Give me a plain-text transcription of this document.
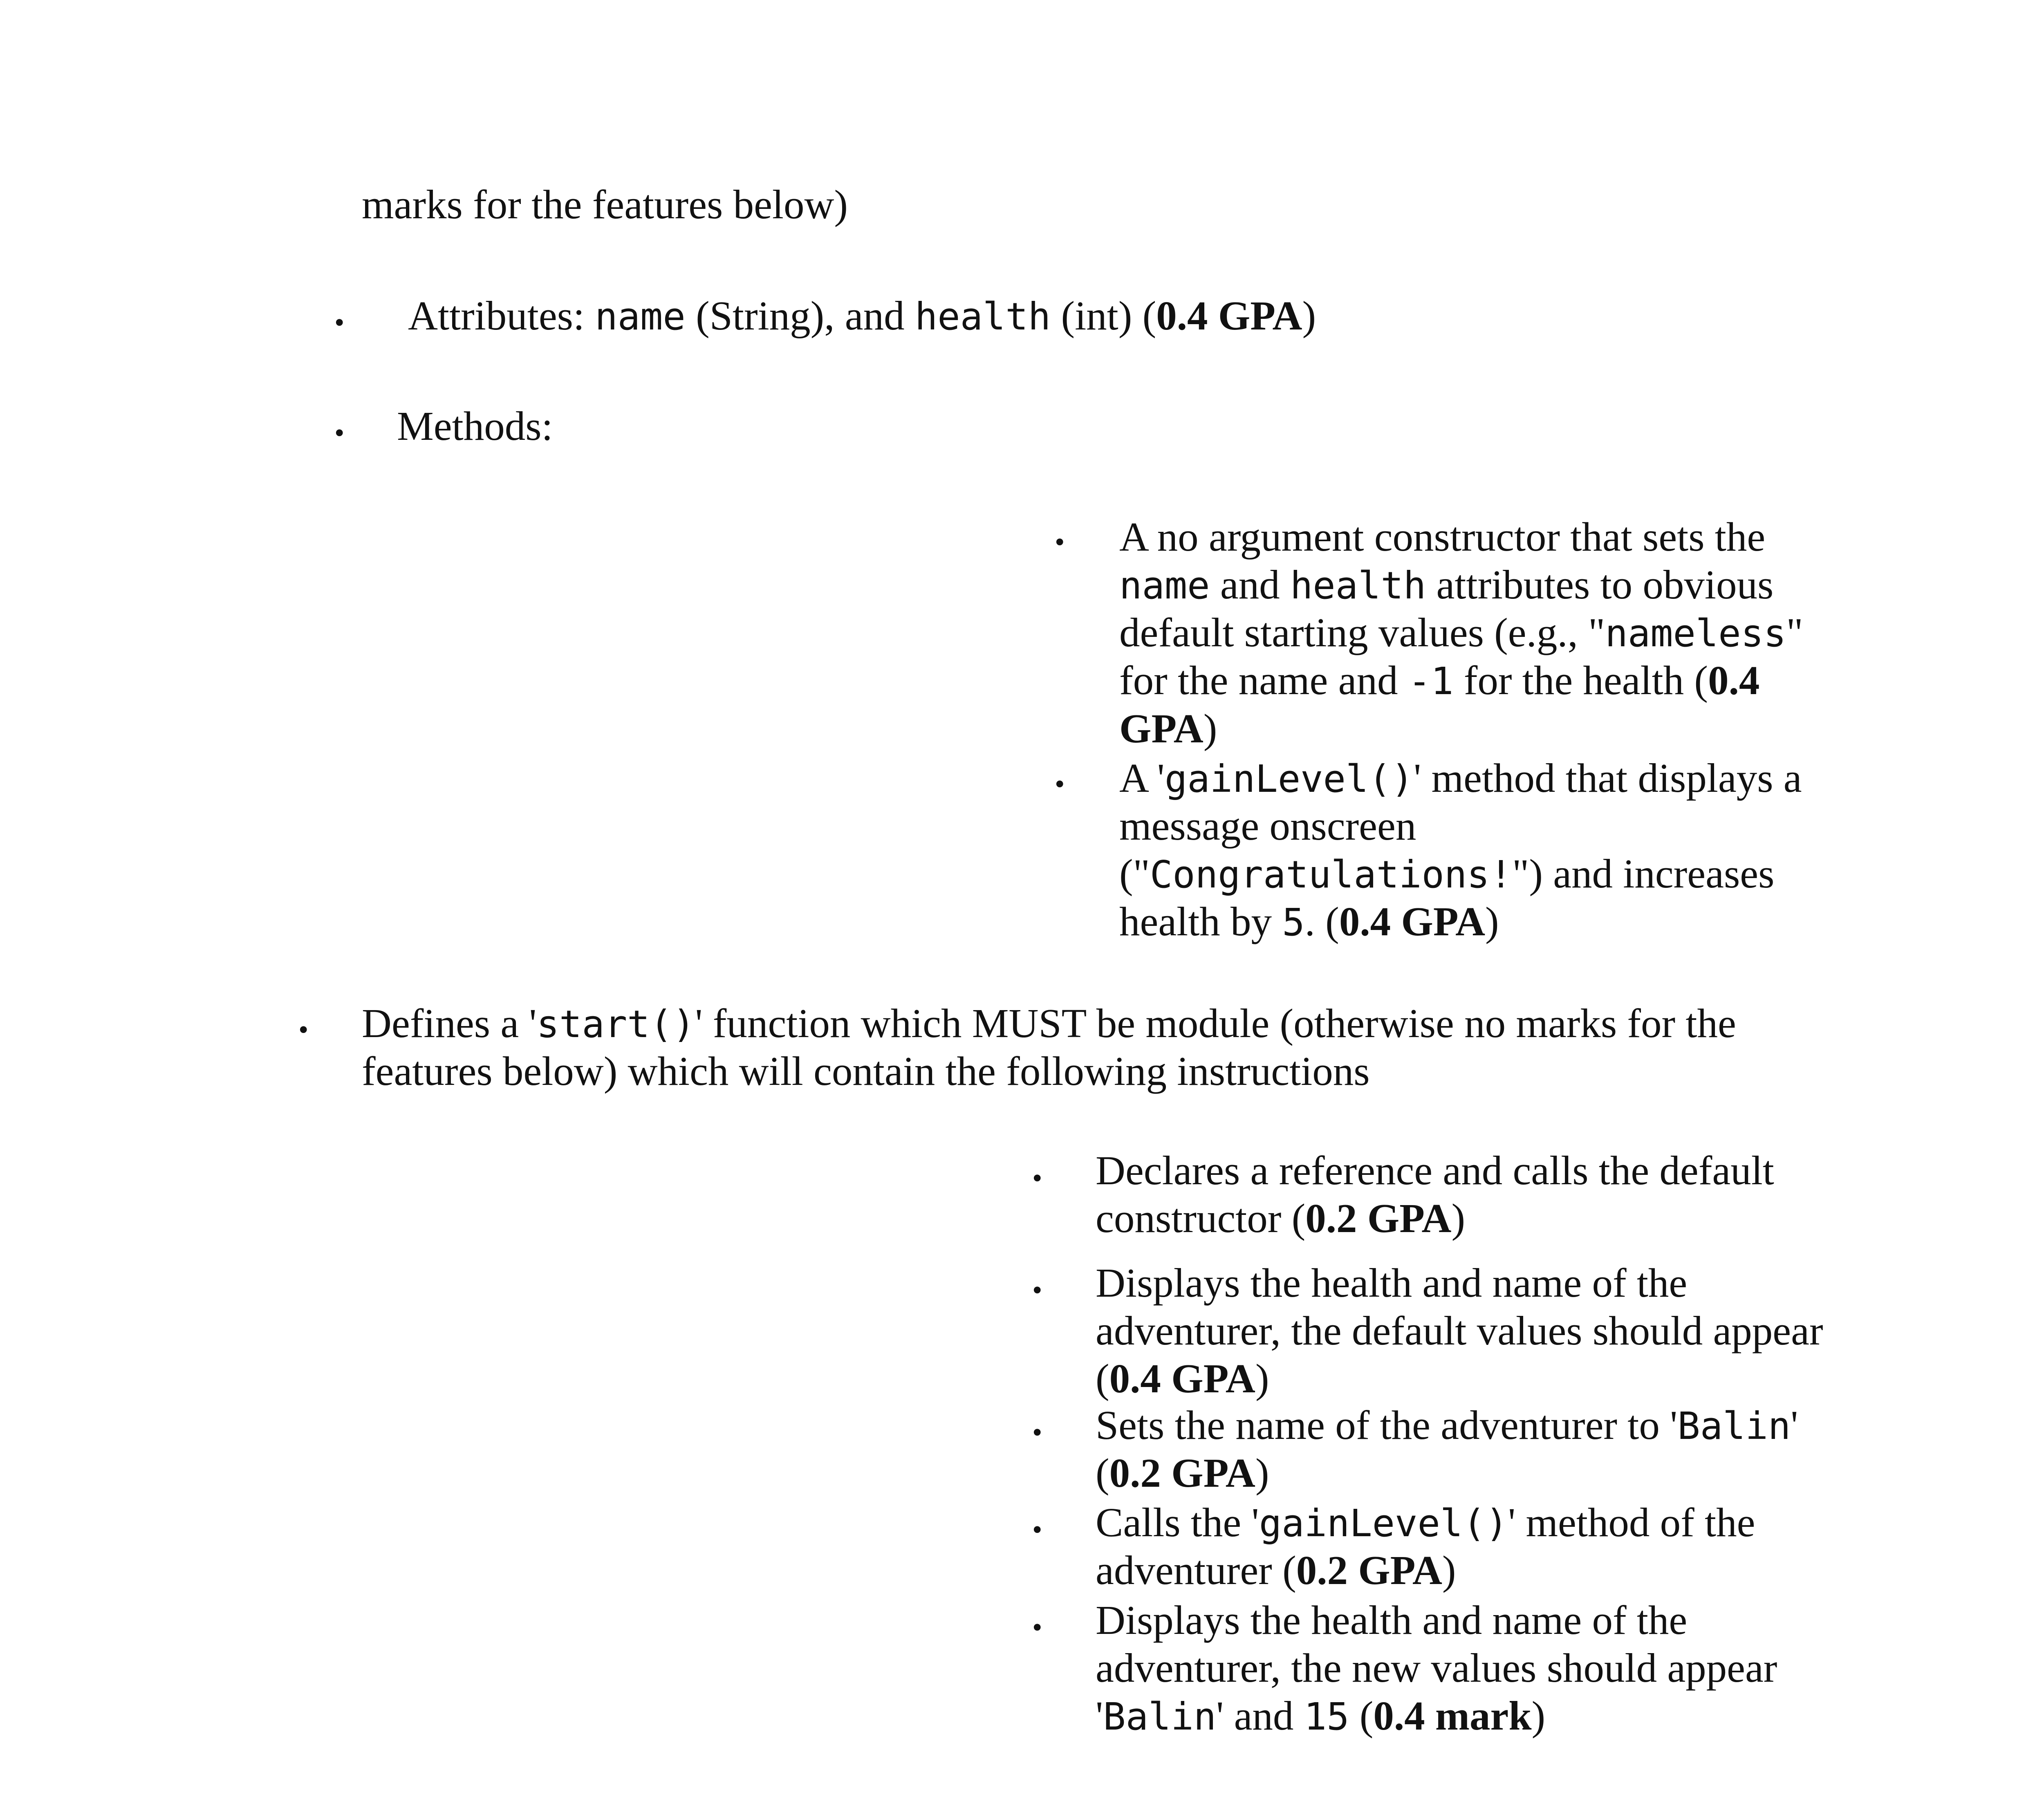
marks for the features below)
• Attributes: name (String), and health (int) (0.4 GPA)
• Methods:
• A no argument constructor that sets the
name and health attributes to obvious
default starting values (e.g., "nameless"
for the name and -1 for the health (0.4
GPA)
• A 'gainLevel()' method that displays a
message onscreen
("Congratulations!") and increases
health by 5. (0.4 GPA)
• Defines a 'start()' function which MUST be module (otherwise no marks for the
features below) which will contain the following instructions
• Declares a reference and calls the default
constructor (0.2 GPA)
• Displays the health and name of the
adventurer, the default values should appear
(0.4 GPA)
• Sets the name of the adventurer to 'Balin'
(0.2 GPA)
• Calls the 'gainLevel()' method of the
adventurer (0.2 GPA)
• Displays the health and name of the
adventurer, the new values should appear
'Balin' and 15 (0.4 mark)
